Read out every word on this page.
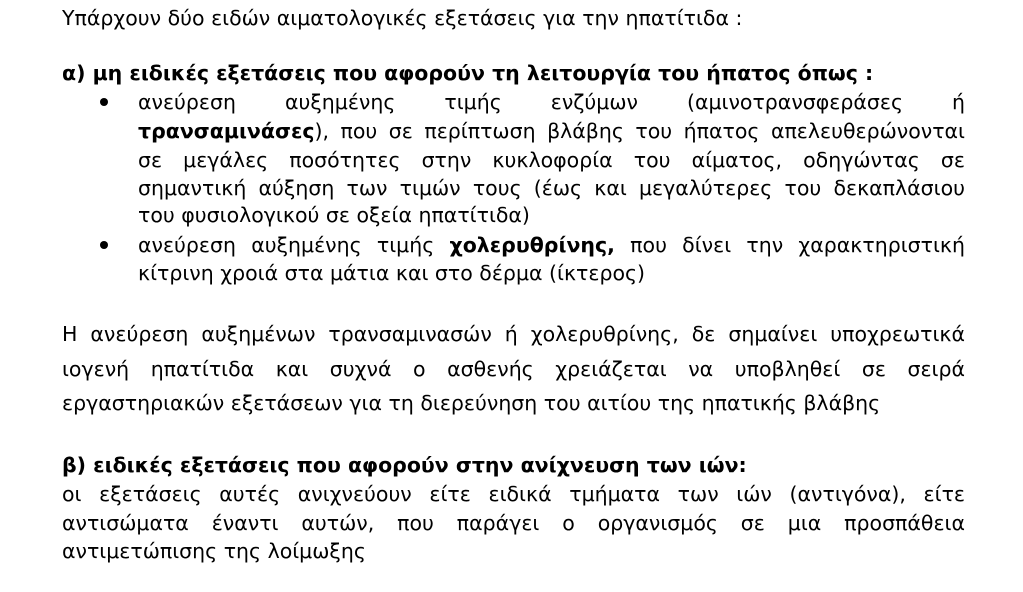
Υπάρχουν δύο ειδών αιματολογικές εξετάσεις για την ηπατίτιδα :
α) μη ειδικές εξετάσεις που αφορούν τη λειτουργία του ήπατος όπως :
ανεύρεση αυξημένης τιμής ενζύμων (αμινοτρανσφεράσες ή
τρανσαμινάσες), που σε περίπτωση βλάβης του ήπατος απελευθερώνονται
σε μεγάλες ποσότητες στην κυκλοφορία του αίματος, οδηγώντας σε
σημαντική αύξηση των τιμών τους (έως και μεγαλύτερες του δεκαπλάσιου
του φυσιολογικού σε οξεία ηπατίτιδα)
ανεύρεση αυξημένης τιμής χολερυθρίνης, που δίνει την χαρακτηριστική
κίτρινη χροιά στα μάτια και στο δέρμα (ίκτερος)
Η ανεύρεση αυξημένων τρανσαμινασών ή χολερυθρίνης, δε σημαίνει υποχρεωτικά
ιογενή ηπατίτιδα και συχνά ο ασθενής χρειάζεται να υποβληθεί σε σειρά
εργαστηριακών εξετάσεων για τη διερεύνηση του αιτίου της ηπατικής βλάβης
β) ειδικές εξετάσεις που αφορούν στην ανίχνευση των ιών:
οι εξετάσεις αυτές ανιχνεύουν είτε ειδικά τμήματα των ιών (αντιγόνα), είτε
αντισώματα έναντι αυτών, που παράγει ο οργανισμός σε μια προσπάθεια
αντιμετώπισης της λοίμωξης
